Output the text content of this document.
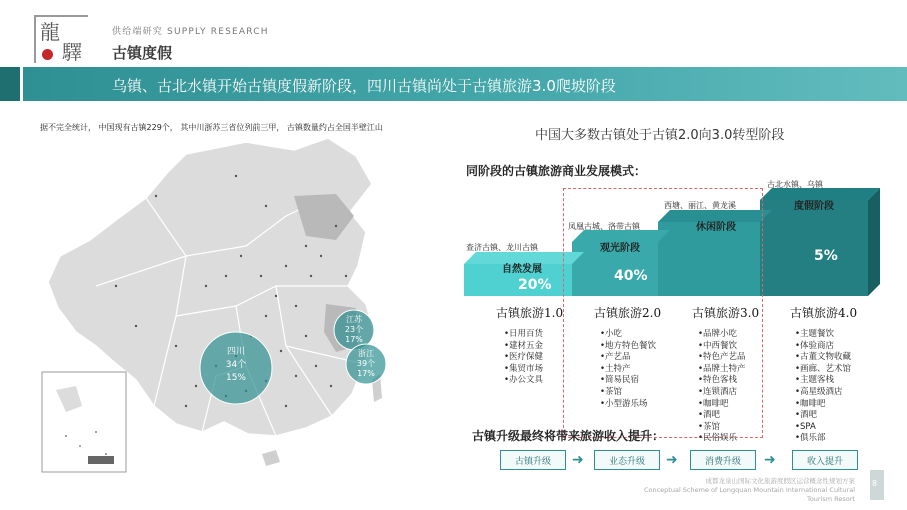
龍
驛
供给端研究 SUPPLY RESEARCH
古镇度假
乌镇、古北水镇开始古镇度假新阶段，四川古镇尚处于古镇旅游3.0爬坡阶段
据不完全统计， 中国现有古镇229个， 其中川浙苏三省位列前三甲， 古镇数量约占全国半壁江山
四川
34个
15%
江苏
23个
17%
浙江
39个
17%
中国大多数古镇处于古镇2.0向3.0转型阶段
同阶段的古镇旅游商业发展模式：
查济古镇、龙川古镇
凤凰古城、洛带古镇
西塘、丽江、黄龙溪
古北水镇、乌镇
自然发展
观光阶段
休闲阶段
度假阶段
20%
40%
5%
古镇旅游1.0	古镇旅游2.0	古镇旅游3.0	古镇旅游4.0
•日用百货
•建材五金
•医疗保健
•集贸市场
•办公文具
•小吃
•地方特色餐饮
•产艺品
•土特产
•简易民宿
•茶馆
•小型游乐场
•品牌小吃
•中西餐饮
•特色产艺品
•品牌土特产
•特色客栈
•连锁酒店
•咖啡吧
•酒吧
•茶馆
•民俗娱乐
•主题餐饮
•体验商店
•古董文物收藏
•画廊、艺术馆
•主题客栈
•高星级酒店
•咖啡吧
•酒吧
•SPA
•俱乐部
古镇升级最终将带来旅游收入提升：
古镇升级	➜	业态升级	➜	消费升级	➜	收入提升
成都龙泉山国际文化旅游度假区运营概念性规划方案
Conceptual Scheme of Longquan Mountain International Cultural Tourism Resort
8
